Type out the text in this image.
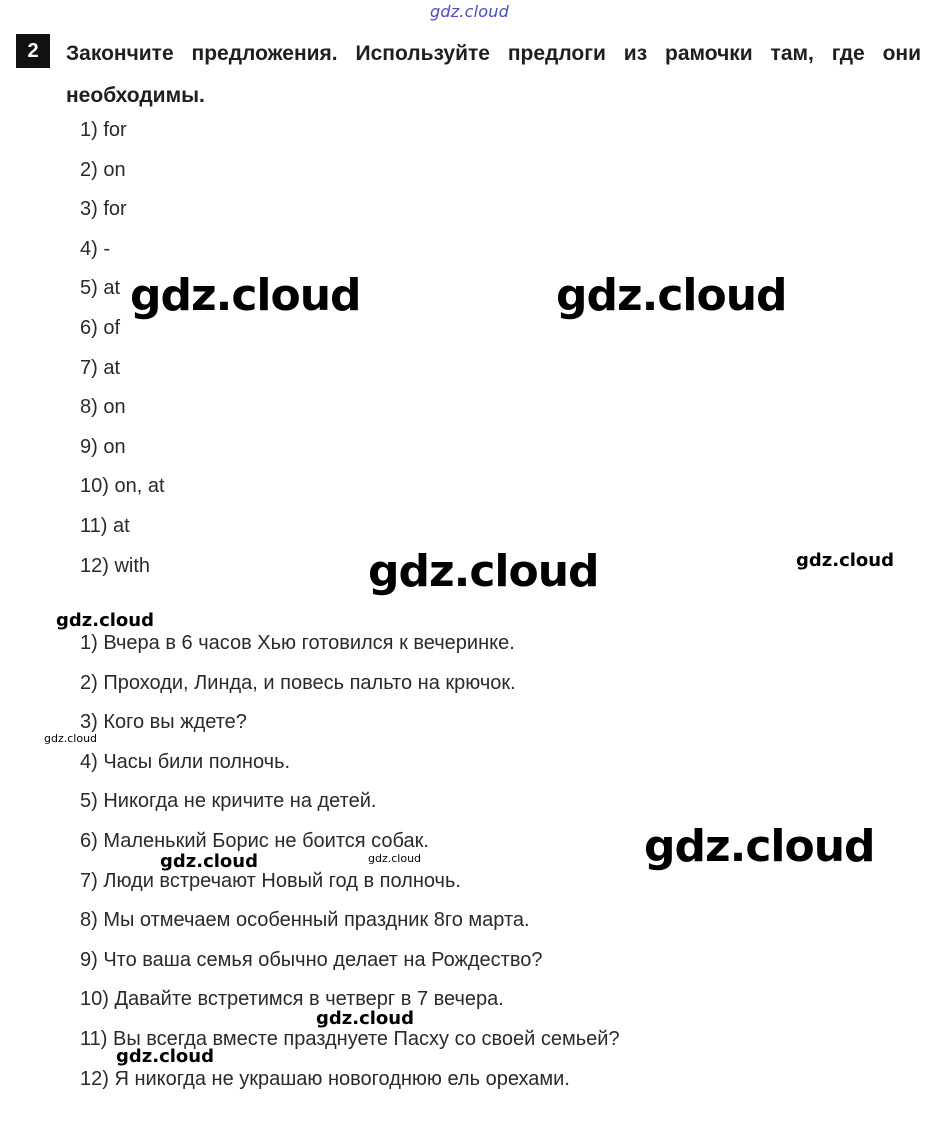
gdz.cloud
2	Закончите предложения. Используйте предлоги из рамочки там, где они необходимы.

1) for
2) on
3) for
4) -
5) at
6) of
7) at
8) on
9) on
10) on, at
11) at
12) with
1) Вчера в 6 часов Хью готовился к вечеринке.
2) Проходи, Линда, и повесь пальто на крючок.
3) Кого вы ждете?
4) Часы били полночь.
5) Никогда не кричите на детей.
6) Маленький Борис не боится собак.
7) Люди встречают Новый год в полночь.
8) Мы отмечаем особенный праздник 8го марта.
9) Что ваша семья обычно делает на Рождество?
10) Давайте встретимся в четверг в 7 вечера.
11) Вы всегда вместе празднуете Пасху со своей семьей?
12) Я никогда не украшаю новогоднюю ель орехами.
gdz.cloud	gdz.cloud
gdz.cloud	gdz.cloud
gdz.cloud
gdz.cloud
gdz.cloud
gdz.cloud	gdz.cloud
gdz.cloud
gdz.cloud
